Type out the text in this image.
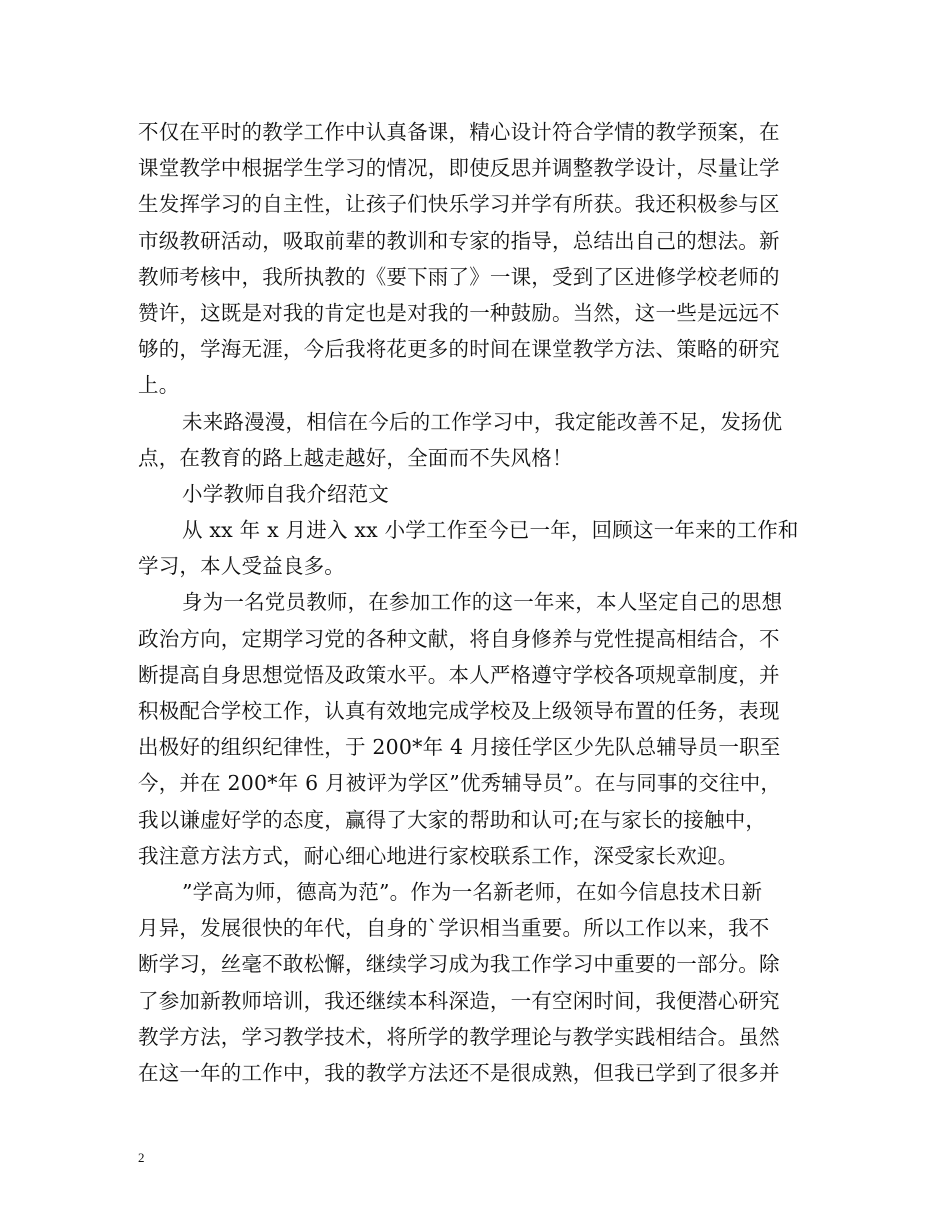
不仅在平时的教学工作中认真备课，精心设计符合学情的教学预案，在
课堂教学中根据学生学习的情况，即使反思并调整教学设计，尽量让学
生发挥学习的自主性，让孩子们快乐学习并学有所获。我还积极参与区
市级教研活动，吸取前辈的教训和专家的指导，总结出自己的想法。新
教师考核中，我所执教的《要下雨了》一课，受到了区进修学校老师的
赞许，这既是对我的肯定也是对我的一种鼓励。当然，这一些是远远不
够的，学海无涯，今后我将花更多的时间在课堂教学方法、策略的研究
上。
未来路漫漫，相信在今后的工作学习中，我定能改善不足，发扬优
点，在教育的路上越走越好，全面而不失风格！
小学教师自我介绍范文
从 xx 年 x 月进入 xx 小学工作至今已一年，回顾这一年来的工作和
学习，本人受益良多。
身为一名党员教师，在参加工作的这一年来，本人坚定自己的思想
政治方向，定期学习党的各种文献，将自身修养与党性提高相结合，不
断提高自身思想觉悟及政策水平。本人严格遵守学校各项规章制度，并
积极配合学校工作，认真有效地完成学校及上级领导布置的任务，表现
出极好的组织纪律性，于 200*年 4 月接任学区少先队总辅导员一职至
今，并在 200*年 6 月被评为学区”优秀辅导员”。在与同事的交往中，
我以谦虚好学的态度，赢得了大家的帮助和认可;在与家长的接触中，
我注意方法方式，耐心细心地进行家校联系工作，深受家长欢迎。
”学高为师，德高为范”。作为一名新老师，在如今信息技术日新
月异，发展很快的年代，自身的`学识相当重要。所以工作以来，我不
断学习，丝毫不敢松懈，继续学习成为我工作学习中重要的一部分。除
了参加新教师培训，我还继续本科深造，一有空闲时间，我便潜心研究
教学方法，学习教学技术，将所学的教学理论与教学实践相结合。虽然
在这一年的工作中，我的教学方法还不是很成熟，但我已学到了很多并
2
